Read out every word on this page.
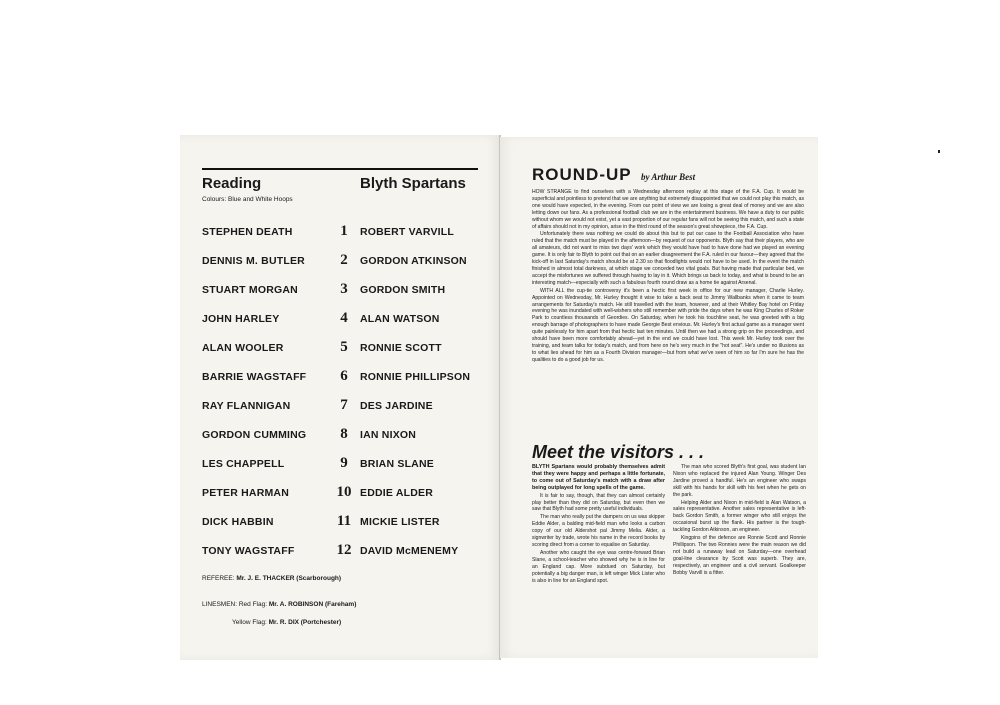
Reading	Blyth Spartans
Colours: Blue and White Hoops
STEPHEN DEATH	1	ROBERT VARVILL
DENNIS M. BUTLER	2	GORDON ATKINSON
STUART MORGAN	3	GORDON SMITH
JOHN HARLEY	4	ALAN WATSON
ALAN WOOLER	5	RONNIE SCOTT
BARRIE WAGSTAFF	6	RONNIE PHILLIPSON
RAY FLANNIGAN	7	DES JARDINE
GORDON CUMMING	8	IAN NIXON
LES CHAPPELL	9	BRIAN SLANE
PETER HARMAN	10 EDDIE ALDER
DICK HABBIN	11 MICKIE LISTER
TONY WAGSTAFF	12 DAVID McMENEMY
REFEREE: Mr. J. E. THACKER (Scarborough)
LINESMEN: Red Flag: Mr. A. ROBINSON (Fareham)
Yellow Flag: Mr. R. DIX (Portchester)
ROUND-UP by Arthur Best

HOW STRANGE to find ourselves with a Wednesday afternoon replay at this stage of the F.A. Cup. It would be superficial and pointless to pretend that we are anything but extremely disappointed that we could not play this match, as one would have expected, in the evening. From our point of view we are losing a great deal of money and we are also letting down our fans. As a professional football club we are in the entertainment business. We have a duty to our public without whom we would not exist, yet a vast proportion of our regular fans will not be seeing this match, and such a state of affairs should not in my opinion, arise in the third round of the season's great showpiece, the F.A. Cup.

Unfortunately there was nothing we could do about this but to put our case to the Football Association who have ruled that the match must be played in the afternoon—by request of our opponents. Blyth say that their players, who are all amateurs, did not want to miss two days' work which they would have had to have done had we played an evening game. It is only fair to Blyth to point out that on an earlier disagreement the F.A. ruled in our favour—they agreed that the kick-off in last Saturday's match should be at 2.30 so that floodlights would not have to be used. In the event the match finished in almost total darkness, at which stage we conceded two vital goals. But having made that particular bed, we accept the misfortunes we suffered through having to lay in it. Which brings us back to today, and what is bound to be an interesting match—especially with such a fabulous fourth round draw as a home tie against Arsenal.

WITH ALL the cup-tie controversy it's been a hectic first week in office for our new manager, Charlie Hurley. Appointed on Wednesday, Mr. Hurley thought it wise to take a back seat to Jimmy Wallbanks when it came to team arrangements for Saturday's match. He still travelled with the team, however, and at their Whitley Bay hotel on Friday evening he was inundated with well-wishers who still remember with pride the days when he was King Charles of Roker Park to countless thousands of Geordies. On Saturday, when he took his touchline seat, he was greeted with a big enough barrage of photographers to have made Georgie Best envious. Mr. Hurley's first actual game as a manager went quite painlessly for him apart from that hectic last ten minutes. Until then we had a strong grip on the proceedings, and should have been more comfortably ahead—yet in the end we could have lost. This week Mr. Hurley took over the training, and team talks for today's match, and from here on he's very much in the "hot seat". He's under no illusions as to what lies ahead for him as a Fourth Division manager—but from what we've seen of him so far I'm sure he has the qualities to do a good job for us.

Meet the visitors . . .

BLYTH Spartans would probably themselves admit that they were happy and perhaps a little fortunate, to come out of Saturday's match with a draw after being outplayed for long spells of the game.

It is fair to say, though, that they can almost certainly play better than they did on Saturday, but even then we saw that Blyth had some pretty useful individuals.

The man who really put the dampers on us was skipper Eddie Alder, a balding mid-field man who looks a carbon copy of our old Aldershot pal Jimmy Melia. Alder, a signwriter by trade, wrote his name in the record books by scoring direct from a corner to equalise on Saturday.

Another who caught the eye was centre-forward Brian Slane, a school-teacher who showed why he is in line for an England cap. More subdued on Saturday, but potentially a big danger man, is left winger Mick Lister who is also in line for an England spot.

The man who scored Blyth's first goal, was student Ian Nixon who replaced the injured Alan Young. Winger Des Jardine proved a handful. He's an engineer who swaps skill with his hands for skill with his feet when he gets on the park.

Helping Alder and Nixon in mid-field is Alan Watson, a sales representative. Another sales representative is left-back Gordon Smith, a former winger who still enjoys the occasional burst up the flank. His partner is the tough-tackling Gordon Atkinson, an engineer.

Kingpins of the defence are Ronnie Scott and Ronnie Phillipson. The two Ronnies were the main reason we did not build a runaway lead on Saturday—one overhead goal-line clearance by Scott was superb. They are, respectively, an engineer and a civil servant. Goalkeeper Bobby Varvill is a fitter.
